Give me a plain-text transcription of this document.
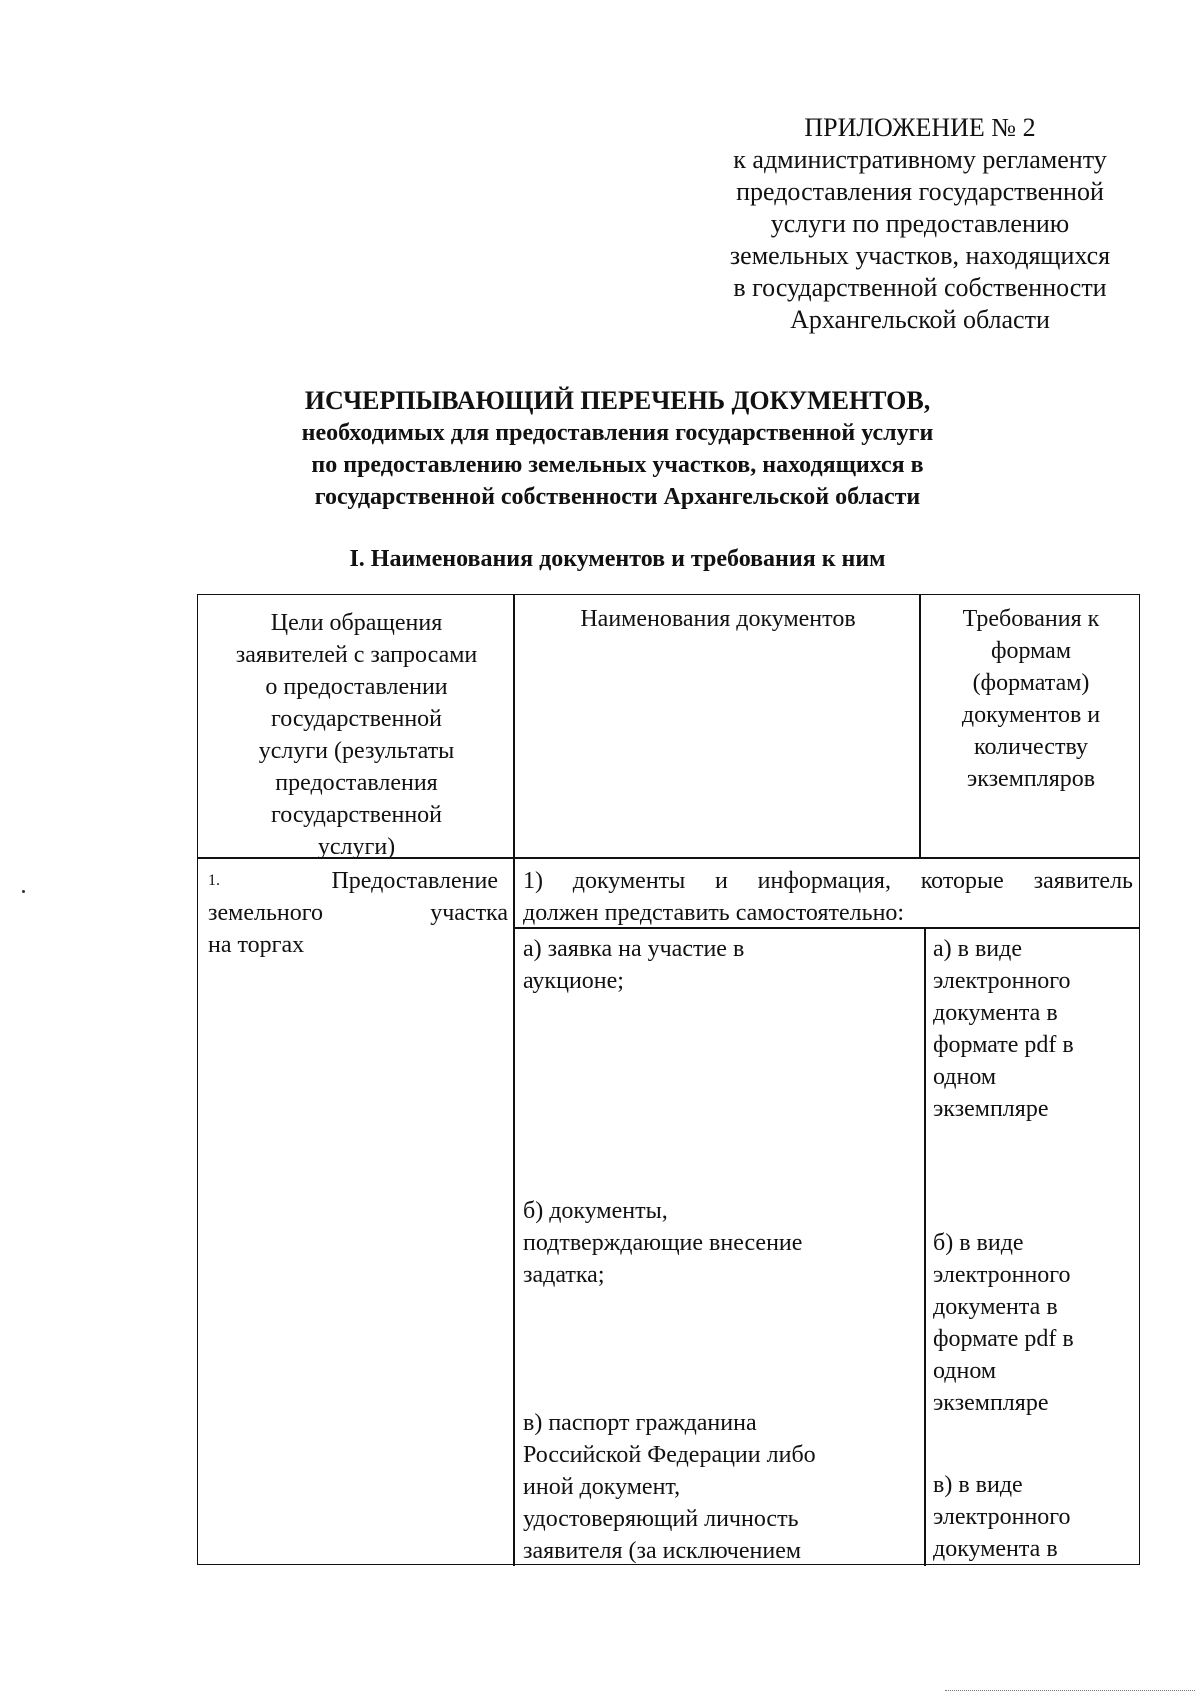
ПРИЛОЖЕНИЕ № 2
к административному регламенту
предоставления государственной
услуги по предоставлению
земельных участков, находящихся
в государственной собственности
Архангельской области
ИСЧЕРПЫВАЮЩИЙ ПЕРЕЧЕНЬ ДОКУМЕНТОВ,
необходимых для предоставления государственной услуги
по предоставлению земельных участков, находящихся в
государственной собственности Архангельской области
I. Наименования документов и требования к ним
Цели обращения
заявителей с запросами
о предоставлении
государственной
услуги (результаты
предоставления
государственной
услуги)
Наименования документов	Требования к
формам
(форматам)
документов и
количеству
экземпляров
1.	Предоставление
земельного участка
на торгах
1) документы и информация, которые заявитель
должен представить самостоятельно:
а) заявка на участие в
аукционе;
б) документы,
подтверждающие внесение
задатка;
в) паспорт гражданина
Российской Федерации либо
иной документ,
удостоверяющий личность
заявителя (за исключением
а) в виде
электронного
документа в
формате pdf в
одном
экземпляре
б) в виде
электронного
документа в
формате pdf в
одном
экземпляре
в) в виде
электронного
документа в
